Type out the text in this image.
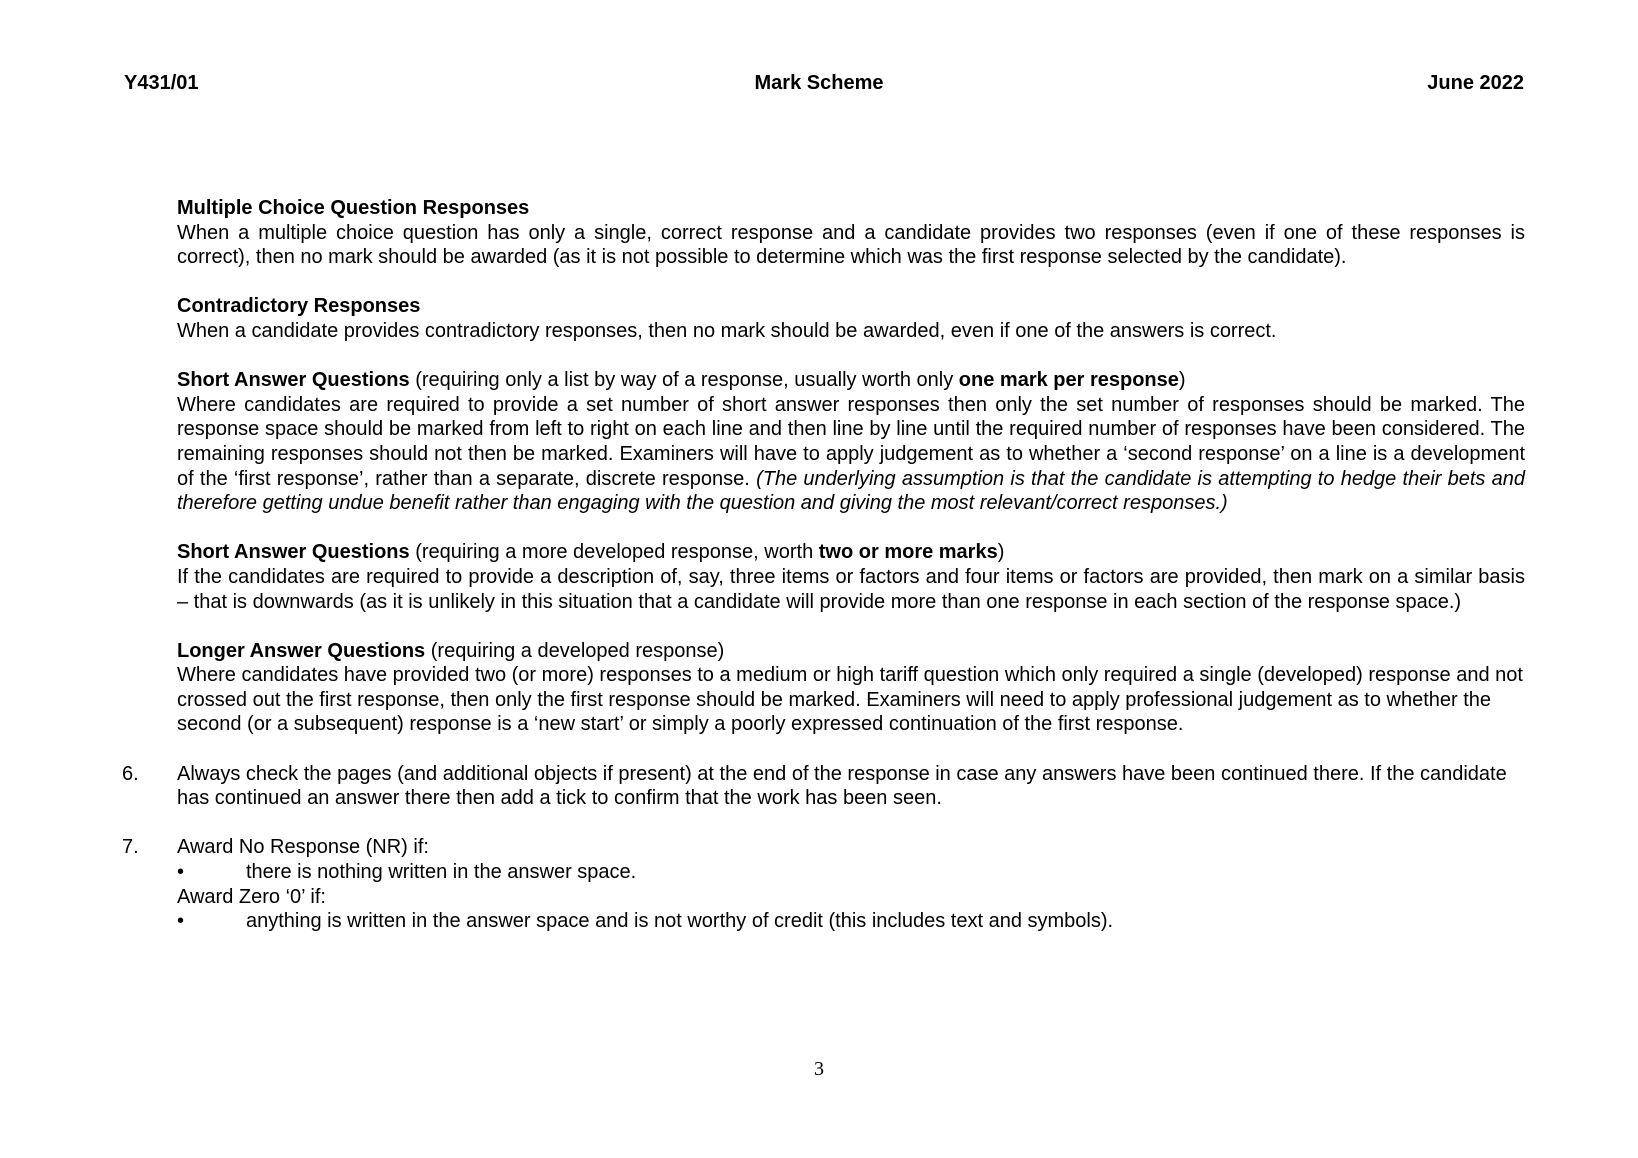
Y431/01	Mark Scheme	June 2022
Multiple Choice Question Responses
When a multiple choice question has only a single, correct response and a candidate provides two responses (even if one of these responses is correct), then no mark should be awarded (as it is not possible to determine which was the first response selected by the candidate).
Contradictory Responses
When a candidate provides contradictory responses, then no mark should be awarded, even if one of the answers is correct.
Short Answer Questions (requiring only a list by way of a response, usually worth only one mark per response)
Where candidates are required to provide a set number of short answer responses then only the set number of responses should be marked. The response space should be marked from left to right on each line and then line by line until the required number of responses have been considered. The remaining responses should not then be marked. Examiners will have to apply judgement as to whether a ‘second response’ on a line is a development of the ‘first response’, rather than a separate, discrete response. (The underlying assumption is that the candidate is attempting to hedge their bets and therefore getting undue benefit rather than engaging with the question and giving the most relevant/correct responses.)
Short Answer Questions (requiring a more developed response, worth two or more marks)
If the candidates are required to provide a description of, say, three items or factors and four items or factors are provided, then mark on a similar basis – that is downwards (as it is unlikely in this situation that a candidate will provide more than one response in each section of the response space.)
Longer Answer Questions (requiring a developed response)
Where candidates have provided two (or more) responses to a medium or high tariff question which only required a single (developed) response and not crossed out the first response, then only the first response should be marked. Examiners will need to apply professional judgement as to whether the second (or a subsequent) response is a ‘new start’ or simply a poorly expressed continuation of the first response.
6. Always check the pages (and additional objects if present) at the end of the response in case any answers have been continued there. If the candidate has continued an answer there then add a tick to confirm that the work has been seen.
7. Award No Response (NR) if:
•	there is nothing written in the answer space.
Award Zero ‘0’ if:
•	anything is written in the answer space and is not worthy of credit (this includes text and symbols).
3
